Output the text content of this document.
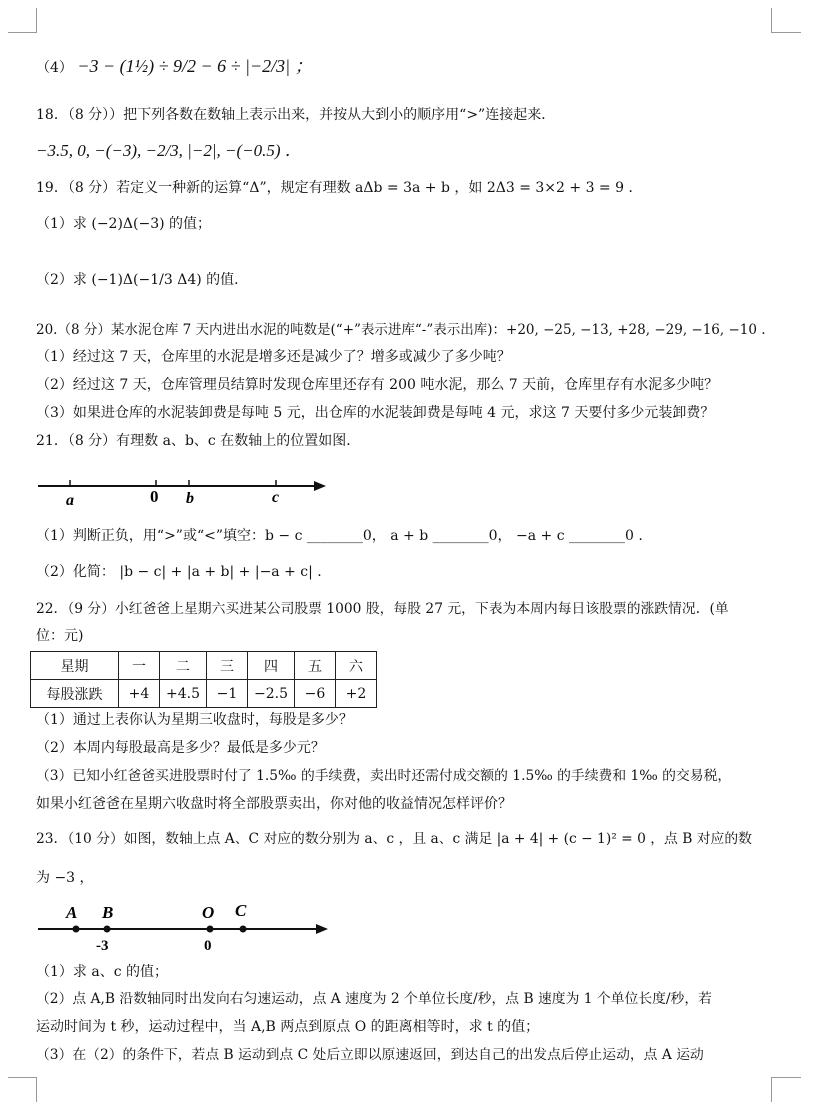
（4） −3 − (1½) ÷ 9/2 − 6 ÷ |−2/3| ；
18．（8 分））把下列各数在数轴上表示出来，并按从大到小的顺序用“>”连接起来．
−3.5, 0, −(−3), −2/3, |−2|, −(−0.5) ．
19．（8 分）若定义一种新的运算“Δ”，规定有理数 aΔb = 3a + b ，如 2Δ3 = 3×2 + 3 = 9 ．
（1）求 (−2)Δ(−3) 的值；
（2）求 (−1)Δ(−1/3 Δ4) 的值．
20.（8 分）某水泥仓库 7 天内进出水泥的吨数是(“+”表示进库“-”表示出库)：+20, −25, −13, +28, −29, −16, −10 .
（1）经过这 7 天，仓库里的水泥是增多还是减少了？增多或减少了多少吨？
（2）经过这 7 天，仓库管理员结算时发现仓库里还存有 200 吨水泥，那么 7 天前，仓库里存有水泥多少吨？
（3）如果进仓库的水泥装卸费是每吨 5 元，出仓库的水泥装卸费是每吨 4 元，求这 7 天要付多少元装卸费？
21．（8 分）有理数 a、b、c 在数轴上的位置如图．
a	0 b	c
（1）判断正负，用“>”或“<”填空：b − c ________0， a + b ________0， −a + c ________0 .
（2）化简： |b − c| + |a + b| + |−a + c| .
22．（9 分）小红爸爸上星期六买进某公司股票 1000 股，每股 27 元，下表为本周内每日该股票的涨跌情况．(单
位：元)
星期	一	二	三	四	五	六
每股涨跌	+4	+4.5	−1	−2.5	−6	+2
（1）通过上表你认为星期三收盘时，每股是多少？
（2）本周内每股最高是多少？最低是多少元？
（3）已知小红爸爸买进股票时付了 1.5‰ 的手续费，卖出时还需付成交额的 1.5‰ 的手续费和 1‰ 的交易税，
如果小红爸爸在星期六收盘时将全部股票卖出，你对他的收益情况怎样评价？
23．（10 分）如图，数轴上点 A、C 对应的数分别为 a、c ，且 a、c 满足 |a + 4| + (c − 1)² = 0 ，点 B 对应的数
为 −3 ，
A B	O C
-3	0
（1）求 a、c 的值；
（2）点 A,B 沿数轴同时出发向右匀速运动，点 A 速度为 2 个单位长度/秒，点 B 速度为 1 个单位长度/秒，若
运动时间为 t 秒，运动过程中，当 A,B 两点到原点 O 的距离相等时，求 t 的值；
（3）在（2）的条件下，若点 B 运动到点 C 处后立即以原速返回，到达自己的出发点后停止运动，点 A 运动
